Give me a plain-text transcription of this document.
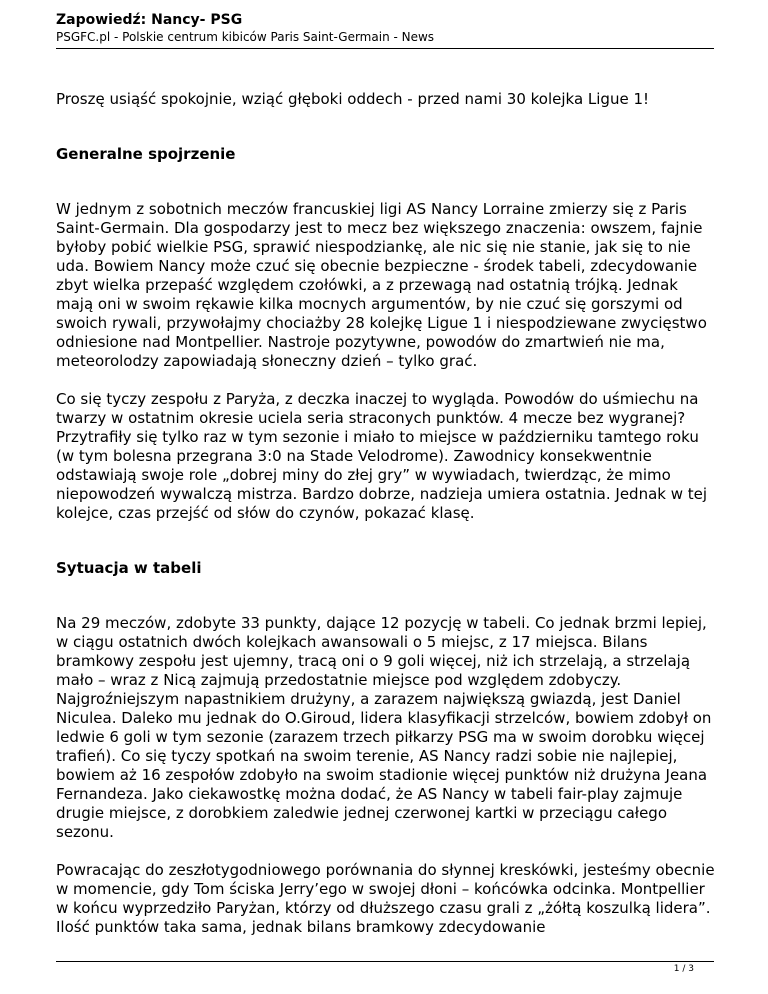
Zapowiedź: Nancy- PSG

PSGFC.pl - Polskie centrum kibiców Paris Saint-Germain - News

Proszę usiąść spokojnie, wziąć głęboki oddech - przed nami 30 kolejka Ligue 1!

Generalne spojrzenie

W jednym z sobotnich meczów francuskiej ligi AS Nancy Lorraine zmierzy się z Paris Saint-Germain. Dla gospodarzy jest to mecz bez większego znaczenia: owszem, fajnie byłoby pobić wielkie PSG, sprawić niespodziankę, ale nic się nie stanie, jak się to nie uda. Bowiem Nancy może czuć się obecnie bezpieczne - środek tabeli, zdecydowanie zbyt wielka przepaść względem czołówki, a z przewagą nad ostatnią trójką. Jednak mają oni w swoim rękawie kilka mocnych argumentów, by nie czuć się gorszymi od swoich rywali, przywołajmy chociażby 28 kolejkę Ligue 1 i niespodziewane zwycięstwo odniesione nad Montpellier. Nastroje pozytywne, powodów do zmartwień nie ma, meteorolodzy zapowiadają słoneczny dzień – tylko grać.

Co się tyczy zespołu z Paryża, z deczka inaczej to wygląda. Powodów do uśmiechu na twarzy w ostatnim okresie uciela seria straconych punktów. 4 mecze bez wygranej? Przytrafiły się tylko raz w tym sezonie i miało to miejsce w październiku tamtego roku (w tym bolesna przegrana 3:0 na Stade Velodrome). Zawodnicy konsekwentnie odstawiają swoje role „dobrej miny do złej gry” w wywiadach, twierdząc, że mimo niepowodzeń wywalczą mistrza. Bardzo dobrze, nadzieja umiera ostatnia. Jednak w tej kolejce, czas przejść od słów do czynów, pokazać klasę.

Sytuacja w tabeli

Na 29 meczów, zdobyte 33 punkty, dające 12 pozycję w tabeli. Co jednak brzmi lepiej, w ciągu ostatnich dwóch kolejkach awansowali o 5 miejsc, z 17 miejsca. Bilans bramkowy zespołu jest ujemny, tracą oni o 9 goli więcej, niż ich strzelają, a strzelają mało – wraz z Nicą zajmują przedostatnie miejsce pod względem zdobyczy. Najgroźniejszym napastnikiem drużyny, a zarazem największą gwiazdą, jest Daniel Niculea. Daleko mu jednak do O.Giroud, lidera klasyfikacji strzelców, bowiem zdobył on ledwie 6 goli w tym sezonie (zarazem trzech piłkarzy PSG ma w swoim dorobku więcej trafień). Co się tyczy spotkań na swoim terenie, AS Nancy radzi sobie nie najlepiej, bowiem aż 16 zespołów zdobyło na swoim stadionie więcej punktów niż drużyna Jeana Fernandeza. Jako ciekawostkę można dodać, że AS Nancy w tabeli fair-play zajmuje drugie miejsce, z dorobkiem zaledwie jednej czerwonej kartki w przeciągu całego sezonu.

Powracając do zeszłotygodniowego porównania do słynnej kreskówki, jesteśmy obecnie w momencie, gdy Tom ściska Jerry’ego w swojej dłoni – końcówka odcinka. Montpellier w końcu wyprzedziło Paryżan, którzy od dłuższego czasu grali z „żółtą koszulką lidera”. Ilość punktów taka sama, jednak bilans bramkowy zdecydowanie

1 / 3
